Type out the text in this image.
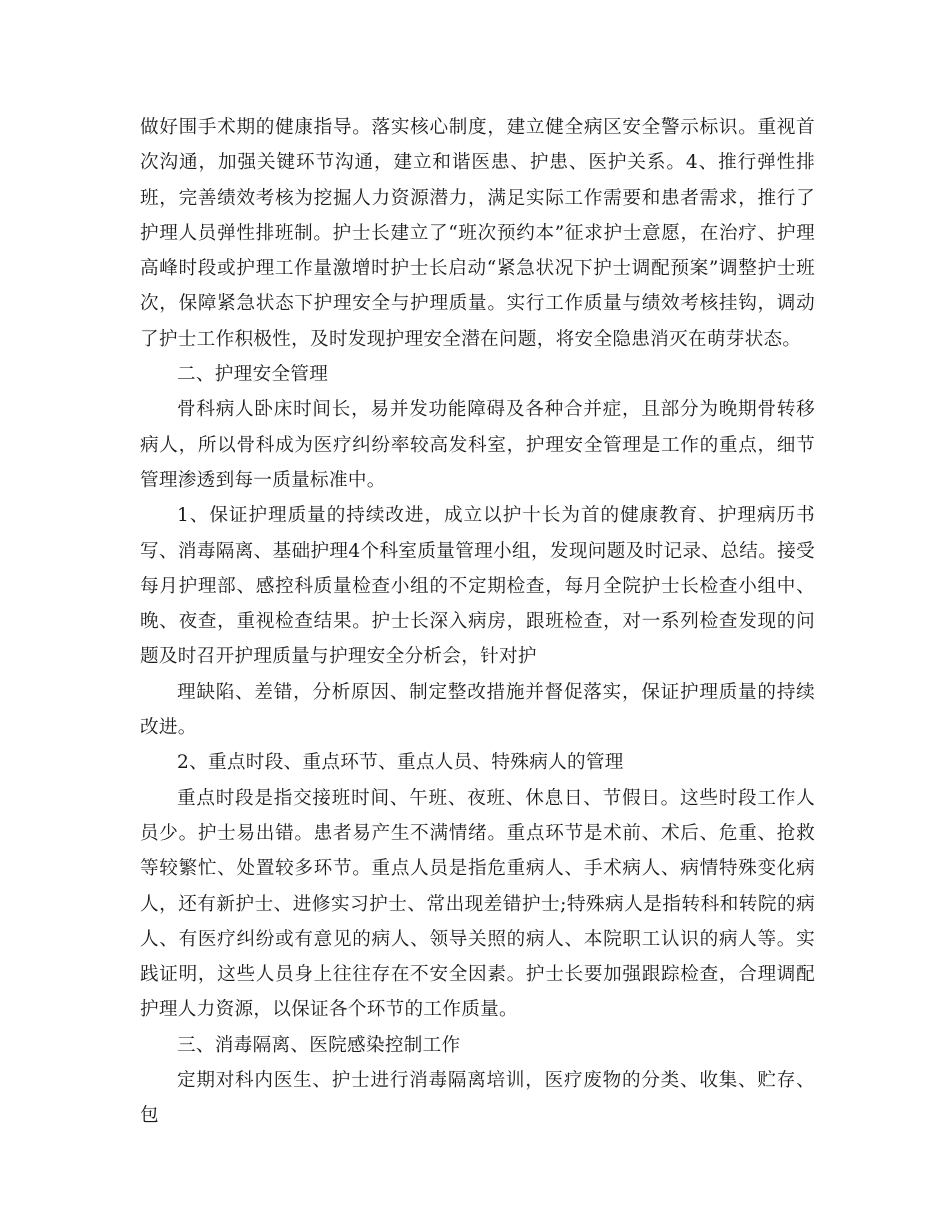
做好围手术期的健康指导。落实核心制度，建立健全病区安全警示标识。重视首次沟通，加强关键环节沟通，建立和谐医患、护患、医护关系。4、推行弹性排班，完善绩效考核为挖掘人力资源潜力，满足实际工作需要和患者需求，推行了护理人员弹性排班制。护士长建立了“班次预约本”征求护士意愿，在治疗、护理高峰时段或护理工作量激增时护士长启动“紧急状况下护士调配预案”调整护士班次，保障紧急状态下护理安全与护理质量。实行工作质量与绩效考核挂钩，调动了护士工作积极性，及时发现护理安全潜在问题，将安全隐患消灭在萌芽状态。

二、护理安全管理

骨科病人卧床时间长，易并发功能障碍及各种合并症，且部分为晚期骨转移病人，所以骨科成为医疗纠纷率较高发科室，护理安全管理是工作的重点，细节管理渗透到每一质量标准中。

1、保证护理质量的持续改进，成立以护十长为首的健康教育、护理病历书写、消毒隔离、基础护理4个科室质量管理小组，发现问题及时记录、总结。接受每月护理部、感控科质量检查小组的不定期检查，每月全院护士长检查小组中、晚、夜查，重视检查结果。护士长深入病房，跟班检查，对一系列检查发现的问题及时召开护理质量与护理安全分析会，针对护

理缺陷、差错，分析原因、制定整改措施并督促落实，保证护理质量的持续改进。

2、重点时段、重点环节、重点人员、特殊病人的管理

重点时段是指交接班时间、午班、夜班、休息日、节假日。这些时段工作人员少。护士易出错。患者易产生不满情绪。重点环节是术前、术后、危重、抢救等较繁忙、处置较多环节。重点人员是指危重病人、手术病人、病情特殊变化病人，还有新护士、进修实习护士、常出现差错护士;特殊病人是指转科和转院的病人、有医疗纠纷或有意见的病人、领导关照的病人、本院职工认识的病人等。实践证明，这些人员身上往往存在不安全因素。护士长要加强跟踪检查，合理调配护理人力资源，以保证各个环节的工作质量。

三、消毒隔离、医院感染控制工作

定期对科内医生、护士进行消毒隔离培训，医疗废物的分类、收集、贮存、包
